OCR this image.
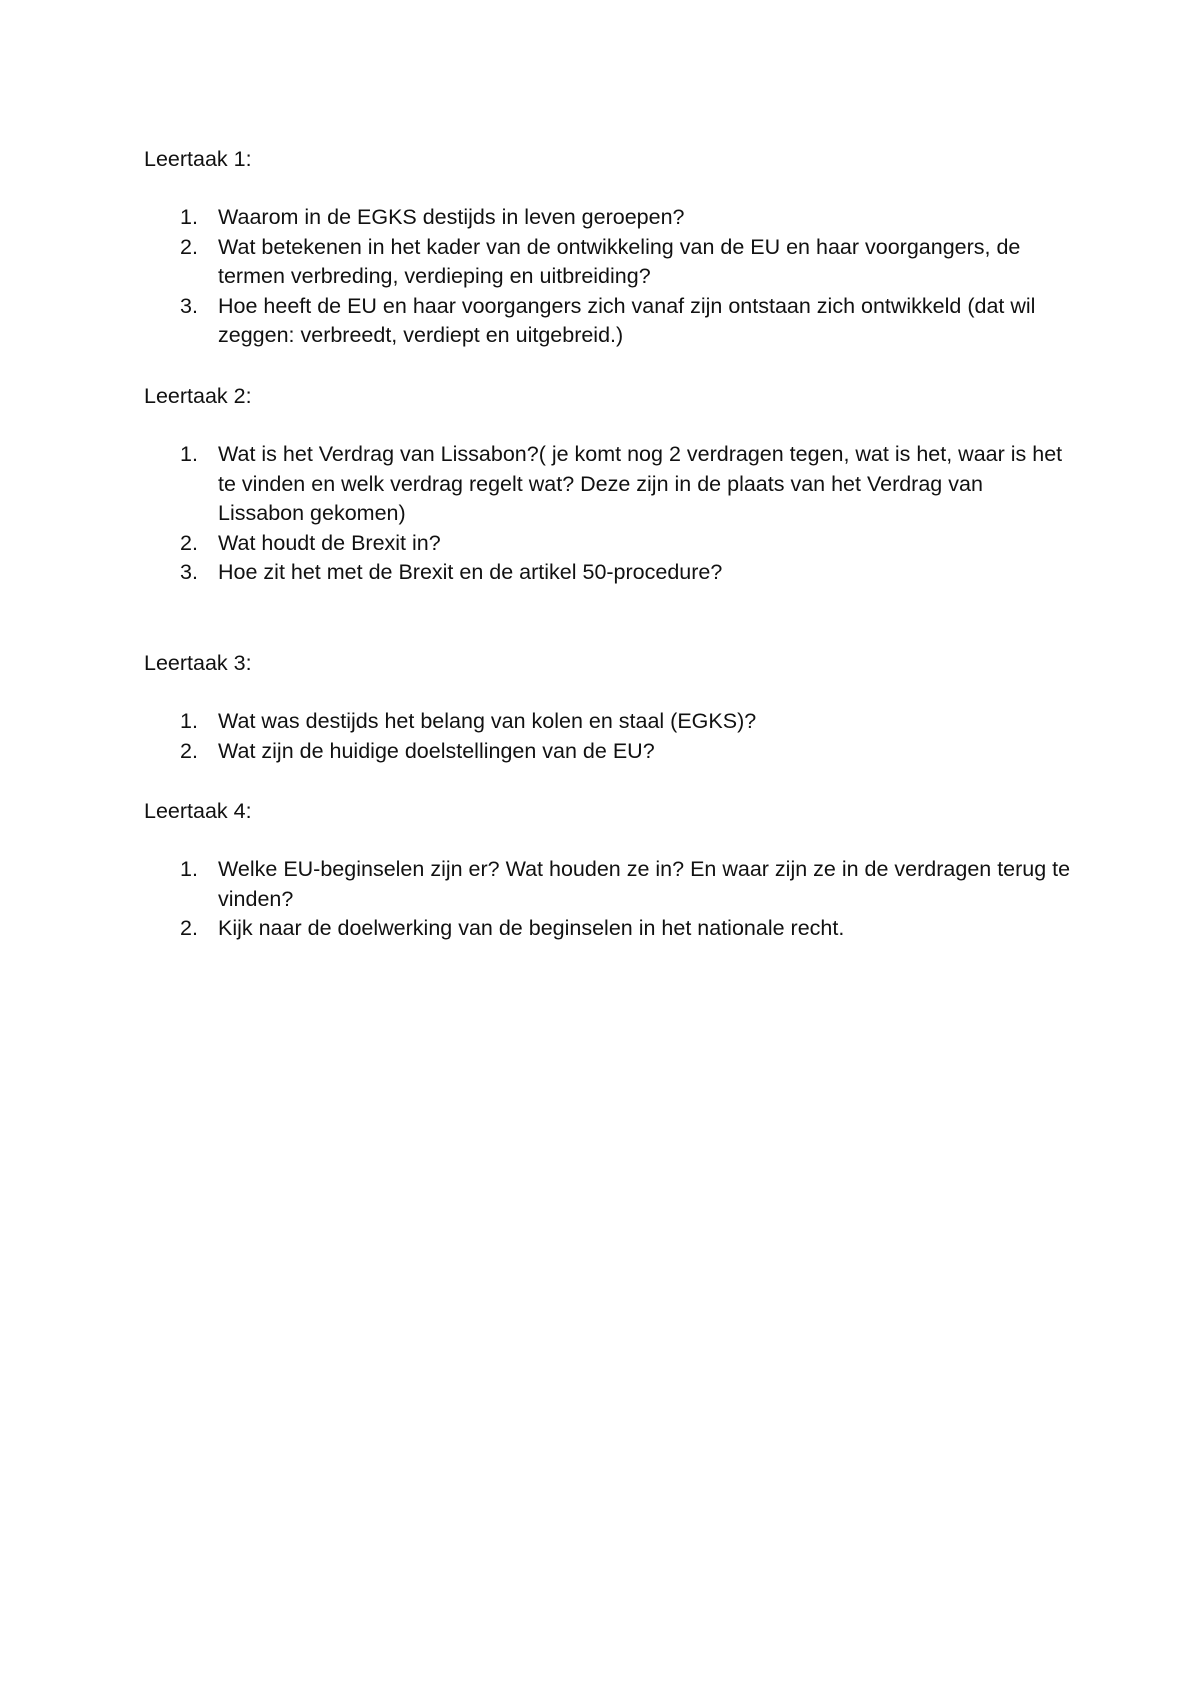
Leertaak 1:
1. Waarom in de EGKS destijds in leven geroepen?
2. Wat betekenen in het kader van de ontwikkeling van de EU en haar voorgangers, de termen verbreding, verdieping en uitbreiding?
3. Hoe heeft de EU en haar voorgangers zich vanaf zijn ontstaan zich ontwikkeld (dat wil zeggen: verbreedt, verdiept en uitgebreid.)
Leertaak 2:
1. Wat is het Verdrag van Lissabon?( je komt nog 2 verdragen tegen, wat is het, waar is het te vinden en welk verdrag regelt wat? Deze zijn in de plaats van het Verdrag van Lissabon gekomen)
2. Wat houdt de Brexit in?
3. Hoe zit het met de Brexit en de artikel 50-procedure?
Leertaak 3:
1. Wat was destijds het belang van kolen en staal (EGKS)?
2. Wat zijn de huidige doelstellingen van de EU?
Leertaak 4:
1. Welke EU-beginselen zijn er? Wat houden ze in? En waar zijn ze in de verdragen terug te vinden?
2. Kijk naar de doelwerking van de beginselen in het nationale recht.
